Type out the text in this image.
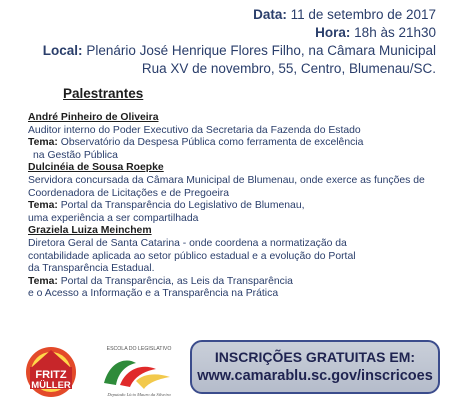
Data: 11 de setembro de 2017
Hora: 18h às 21h30
Local: Plenário José Henrique Flores Filho, na Câmara Municipal
Rua XV de novembro, 55, Centro, Blumenau/SC.
Palestrantes
André Pinheiro de Oliveira
Auditor interno do Poder Executivo da Secretaria da Fazenda do Estado
Tema: Observatório da Despesa Pública como ferramenta de excelência
na Gestão Pública
Dulcinéia de Sousa Roepke
Servidora concursada da Câmara Municipal de Blumenau, onde exerce as funções de
Coordenadora de Licitações e de Pregoeira
Tema: Portal da Transparência do Legislativo de Blumenau,
uma experiência a ser compartilhada
Graziela Luiza Meinchem
Diretora Geral de Santa Catarina - onde coordena a normatização da
contabilidade aplicada ao setor público estadual e a evolução do Portal
da Transparência Estadual.
Tema: Portal da Transparência, as Leis da Transparência
e o Acesso a Informação e a Transparência na Prática
FRITZ
MÜLLER
ESCOLA DO LEGISLATIVO
Deputado Lício Mauro da Silveira
INSCRIÇÕES GRATUITAS EM:
www.camarablu.sc.gov/inscricoes
